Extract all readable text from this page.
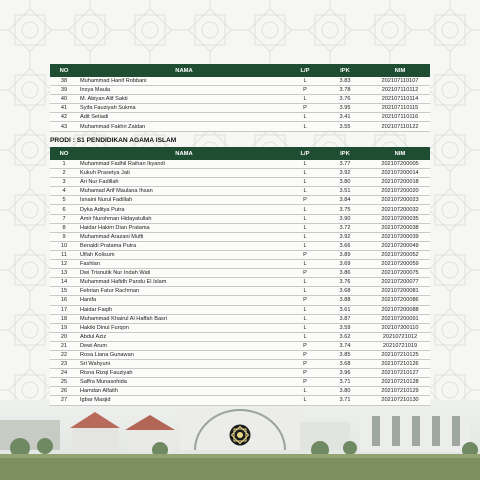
NO	NAMA	L/P	IPK	NIM
38	Muhammad Hanif Robbani	L	3.83	202107110107
39	Insya Maula	P	3.78	202107110112
40	M. Abiyan Alif Sakti	L	3.76	202107110114
41	Syifa Fauziyah Sukma	P	3.95	202107110115
42	Adit Setiadi	L	3.41	202107110116
43	Muhammad Fakhri Zaidan	L	3.55	202107110122
PRODI : S1 PENDIDIKAN AGAMA ISLAM
NO	NAMA	L/P	IPK	NIM
1	Muhammad Fadhil Raihan Ikyandi	L	3.77	202107200005
2	Kukuh Prasetya Jati	L	3.92	202107200014
3	Ari Nur Fadillah	L	3.80	202107200018
4	Muhamad Arif Maulana Ihsan	L	3.51	202107200020
5	Isnaini Nurul Fadillah	P	3.84	202107200023
6	Dyka Aditya Putra	L	3.75	202107200032
7	Amir Nurohman Hidayatullah	L	3.90	202107200035
8	Haidar Hakim Dian Pratama	L	3.72	202107200038
9	Muhammad Arazani Mufti	L	3.92	202107200039
10	Benaldi Pratama Putra	L	3.66	202107200049
11	Ulfah Kolisum	P	3.89	202107200052
12	Fashlan	L	3.69	202107200059
13	Dwi Trisnutik Nur Indah Wati	P	3.86	202107200075
14	Muhammad Hafidh Pandu El Islam	L	3.76	202107200077
15	Febrian Fatur Rachman	L	3.68	202107200081
16	Hanifa	P	3.88	202107200086
17	Haidar Faqih	L	3.61	202107200088
18	Muhammad Khairul Al Haffah Basri	L	3.87	202107200091
19	Hakiki Dinul Furqon	L	3.59	202107200110
20	Abdul Aziz	L	3.62	20210721012
21	Dewi Arum	P	3.74	20210721019
22	Rosa Liana Gunawan	P	3.85	202107210125
23	Sri Wahyuni	P	3.68	202107210126
24	Risna Rizqi Fauziyah	P	3.96	202107210127
25	Saffra Munasohida	P	3.71	202107210128
26	Hamdan Alfaith	L	3.80	202107210129
27	Igbar Masjid	L	3.71	202107210130
